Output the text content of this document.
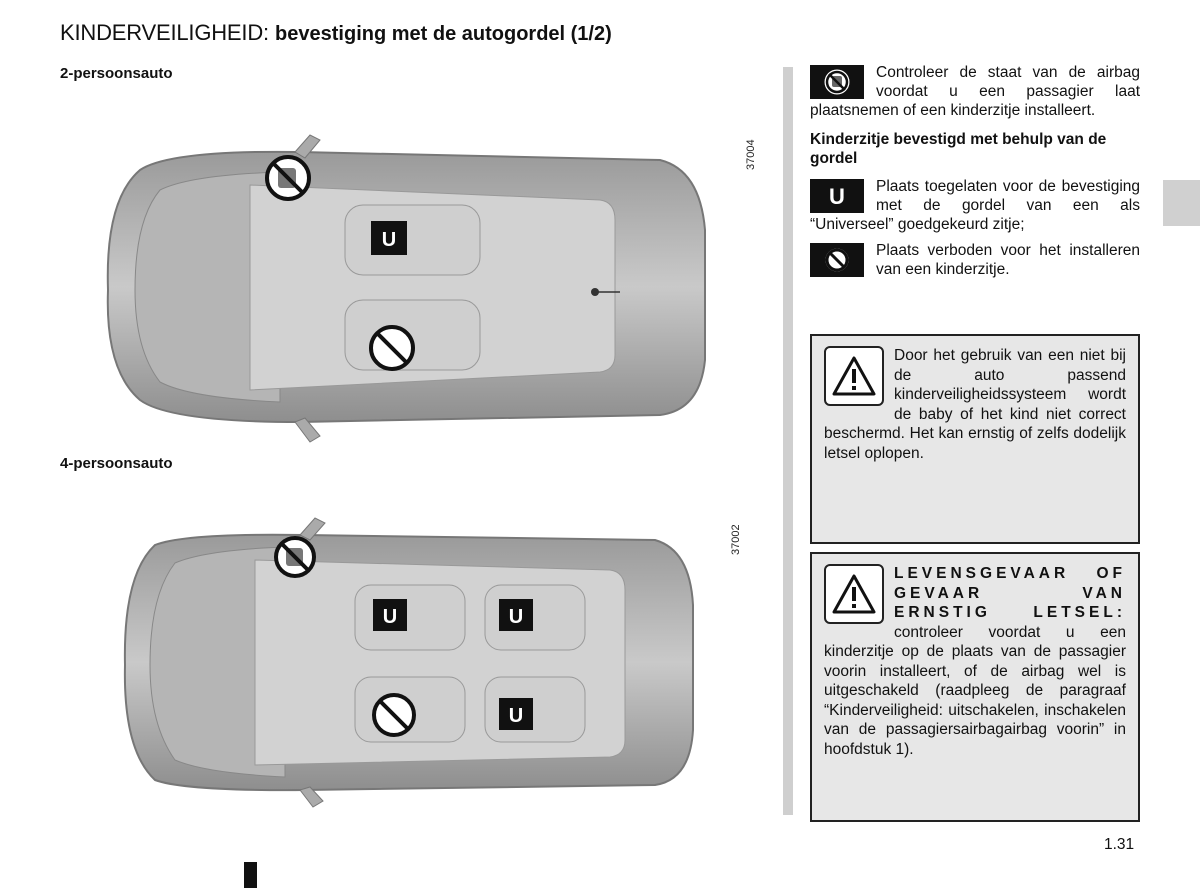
KINDERVEILIGHEID: bevestiging met de autogordel (1/2)
2-persoonsauto
37004
U
4-persoonsauto
37002
U	U
U
Controleer de staat van de airbag voordat u een passagier laat plaatsnemen of een kinderzitje installeert.
Kinderzitje bevestigd met behulp van de gordel
U	Plaats toegelaten voor de bevestiging met de gordel van een als “Universeel” goedgekeurd zitje;
Plaats verboden voor het installeren van een kinderzitje.
Door het gebruik van een niet bij de auto passend kinderveiligheidssysteem wordt de baby of het kind niet correct beschermd. Het kan ernstig of zelfs dodelijk letsel oplopen.
LEVENSGEVAAR OF GEVAAR VAN ERNSTIG LETSEL: controleer voordat u een kinderzitje op de plaats van de passagier voorin installeert, of de airbag wel is uitgeschakeld (raadpleeg de paragraaf “Kinderveiligheid: uitschakelen, inschakelen van de passagiersairbagairbag voorin” in hoofdstuk 1).
1.31
